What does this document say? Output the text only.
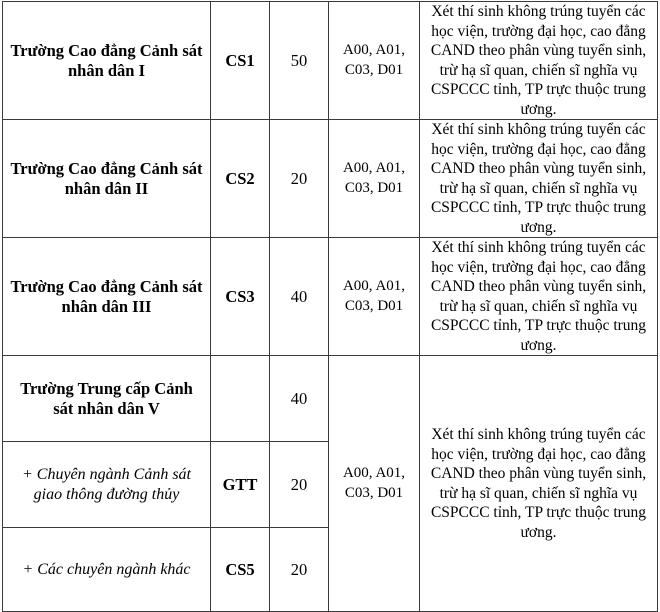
Trường Cao đẳng Cảnh sát nhân dân I	CS1	50	A00, A01, C03, D01	Xét thí sinh không trúng tuyển các học viện, trường đại học, cao đẳng CAND theo phân vùng tuyển sinh, trừ hạ sĩ quan, chiến sĩ nghĩa vụ CSPCCC tỉnh, TP trực thuộc trung ương.
Trường Cao đẳng Cảnh sát nhân dân II	CS2	20	A00, A01, C03, D01	Xét thí sinh không trúng tuyển các học viện, trường đại học, cao đẳng CAND theo phân vùng tuyển sinh, trừ hạ sĩ quan, chiến sĩ nghĩa vụ CSPCCC tỉnh, TP trực thuộc trung ương.
Trường Cao đẳng Cảnh sát nhân dân III	CS3	40	A00, A01, C03, D01	Xét thí sinh không trúng tuyển các học viện, trường đại học, cao đẳng CAND theo phân vùng tuyển sinh, trừ hạ sĩ quan, chiến sĩ nghĩa vụ CSPCCC tỉnh, TP trực thuộc trung ương.
Trường Trung cấp Cảnh sát nhân dân V		40	A00, A01, C03, D01	Xét thí sinh không trúng tuyển các học viện, trường đại học, cao đẳng CAND theo phân vùng tuyển sinh, trừ hạ sĩ quan, chiến sĩ nghĩa vụ CSPCCC tỉnh, TP trực thuộc trung ương.
+ Chuyên ngành Cảnh sát giao thông đường thủy	GTT	20		
+ Các chuyên ngành khác	CS5	20		
